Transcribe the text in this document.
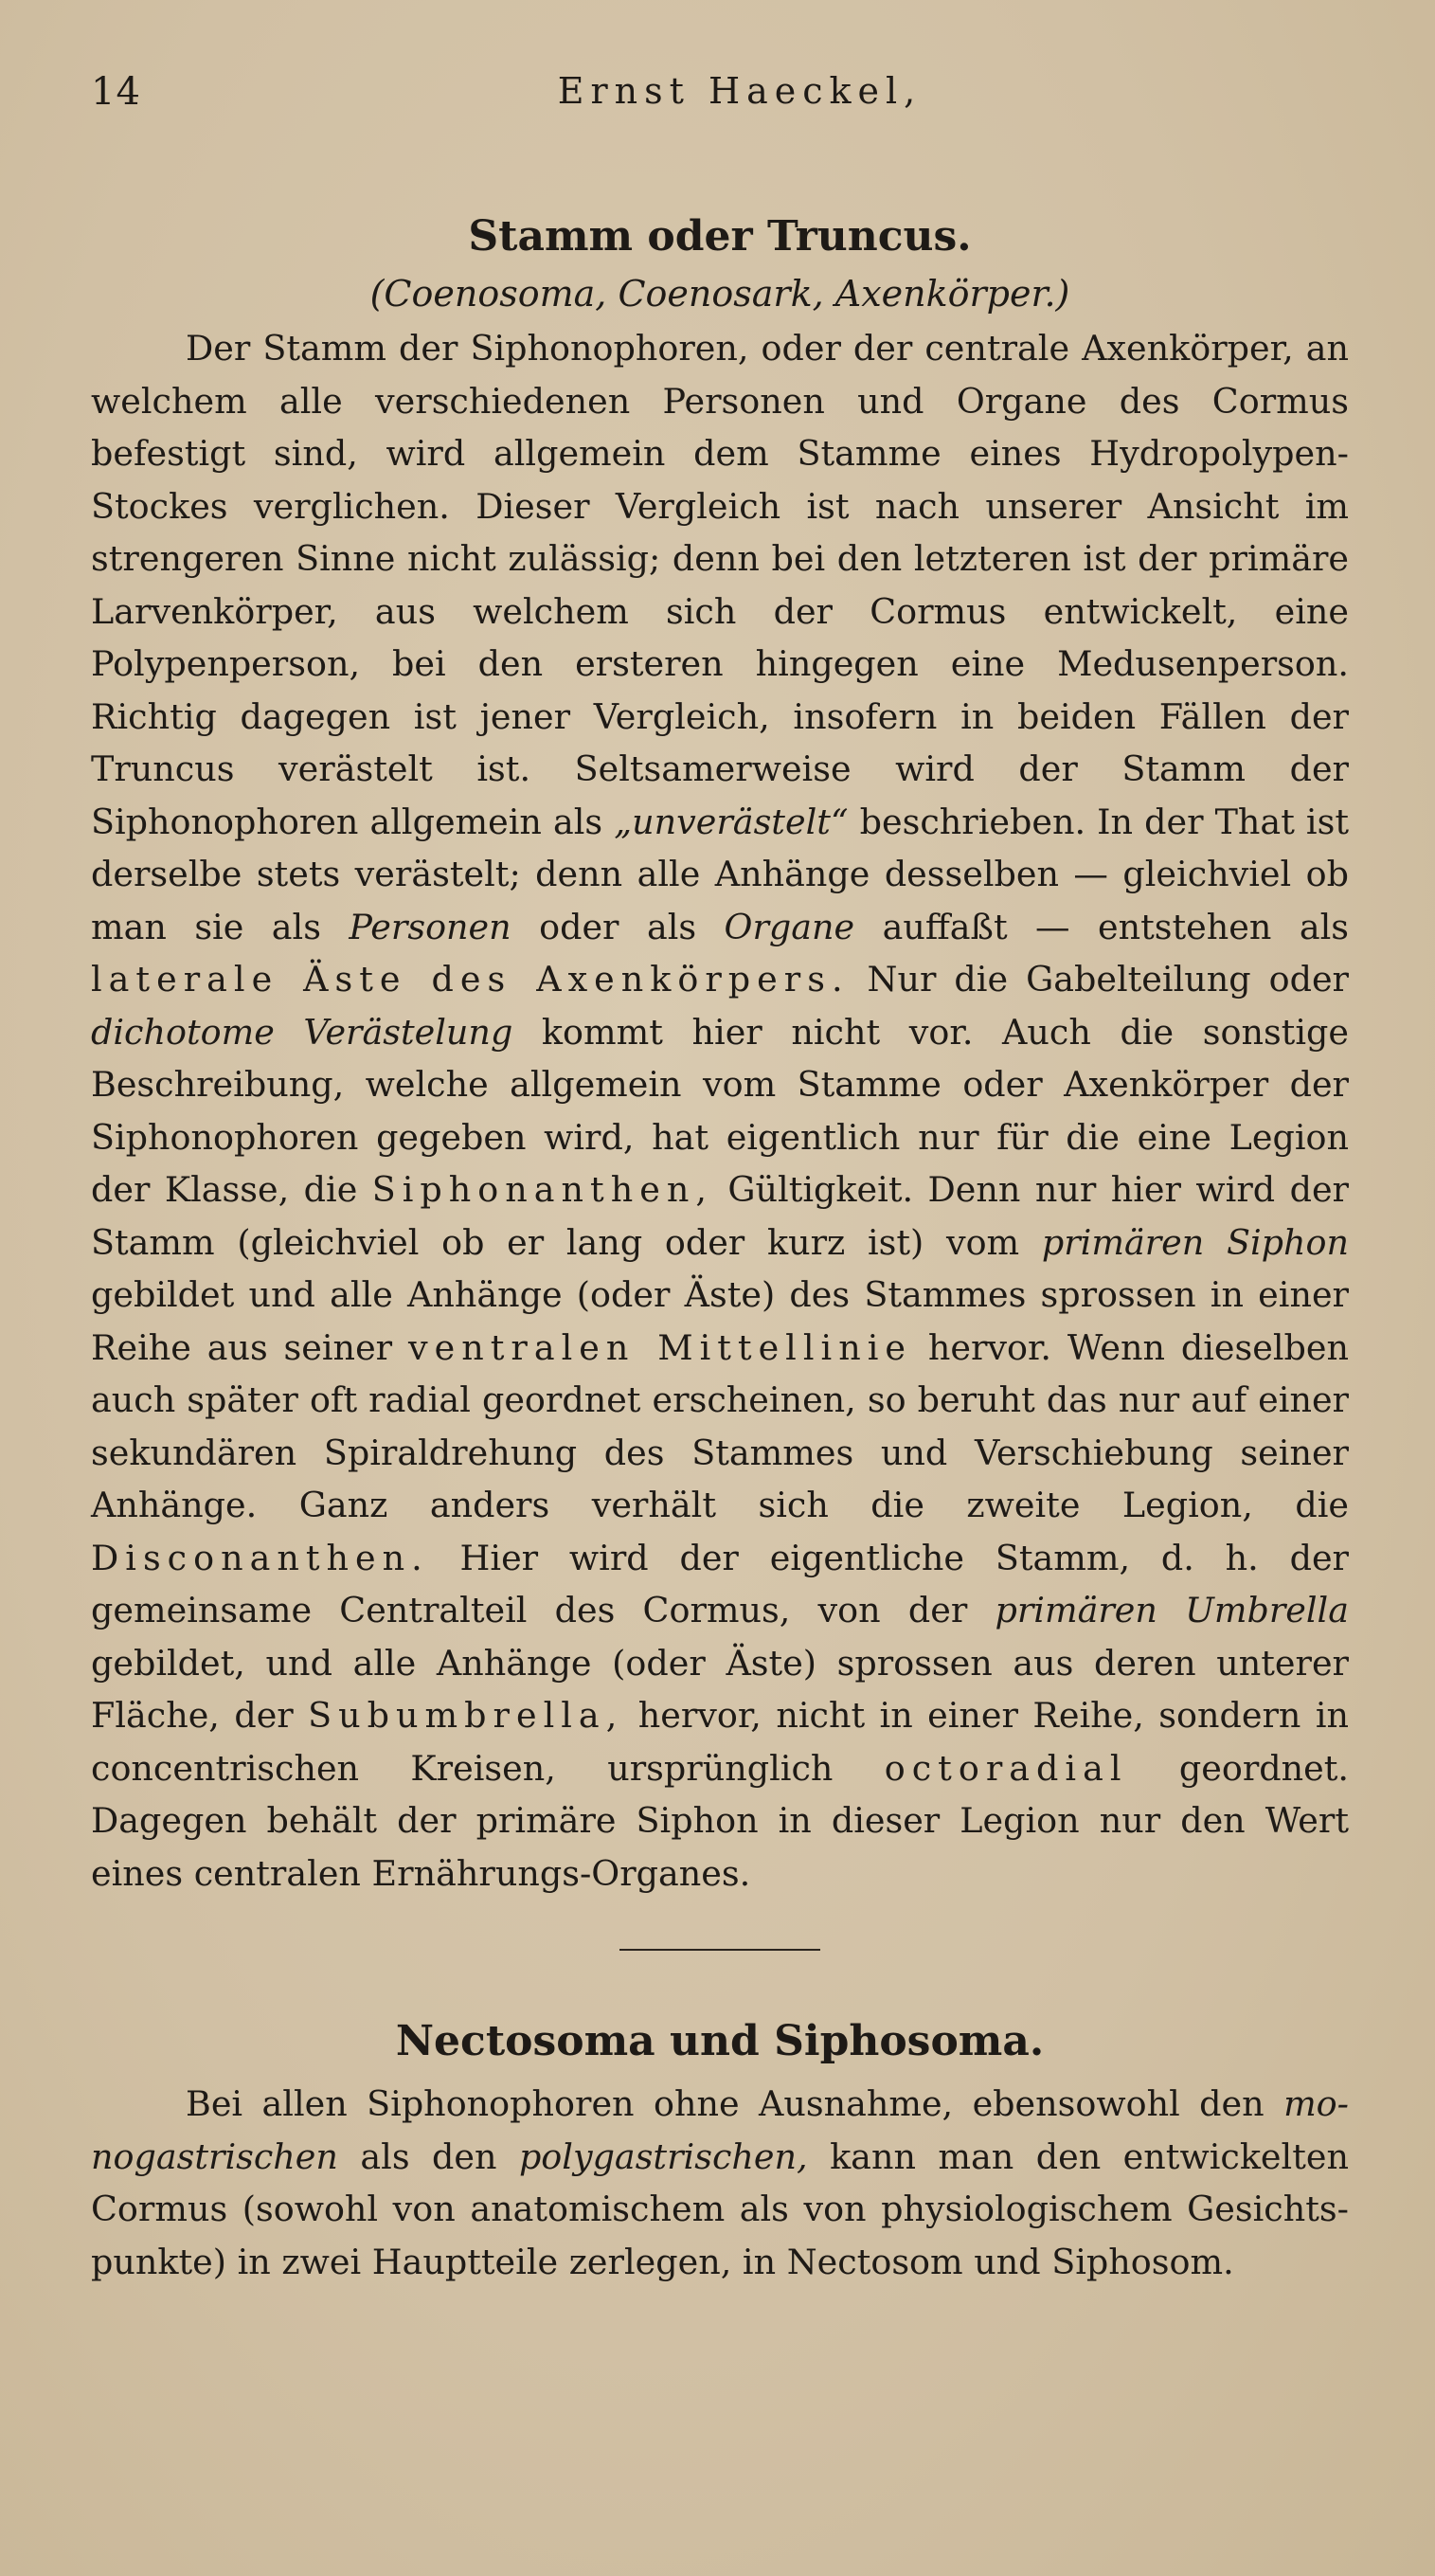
14	Ernst Haeckel,
Stamm oder Truncus.

(Coenosoma, Coenosark, Axenkörper.)

Der Stamm der Siphonophoren, oder der centrale Axenkörper, an welchem alle verschiedenen Personen und Organe des Cormus befestigt sind, wird allgemein dem Stamme eines Hydropolypen-Stockes verglichen. Dieser Vergleich ist nach unserer Ansicht im strengeren Sinne nicht zulässig; denn bei den letzteren ist der primäre Larvenkörper, aus welchem sich der Cormus entwickelt, eine Polypenperson, bei den ersteren hingegen eine Medusenperson. Richtig dagegen ist jener Vergleich, insofern in beiden Fällen der Truncus verästelt ist. Seltsamerweise wird der Stamm der Siphonophoren allgemein als „unverästelt“ beschrieben. In der That ist derselbe stets verästelt; denn alle Anhänge desselben — gleichviel ob man sie als Personen oder als Organe auffaßt — entstehen als laterale Äste des Axenkörpers. Nur die Gabelteilung oder dichotome Verästelung kommt hier nicht vor. Auch die sonstige Beschreibung, welche allgemein vom Stamme oder Axenkörper der Siphonophoren gegeben wird, hat eigentlich nur für die eine Legion der Klasse, die Siphonanthen, Gültigkeit. Denn nur hier wird der Stamm (gleichviel ob er lang oder kurz ist) vom primären Siphon gebildet und alle Anhänge (oder Äste) des Stammes sprossen in einer Reihe aus seiner ventralen Mittellinie hervor. Wenn dieselben auch später oft radial geordnet erscheinen, so beruht das nur auf einer sekundären Spiraldrehung des Stammes und Verschiebung seiner Anhänge. Ganz anders verhält sich die zweite Legion, die Disconanthen. Hier wird der eigentliche Stamm, d. h. der gemeinsame Centralteil des Cormus, von der primären Umbrella gebildet, und alle Anhänge (oder Äste) sprossen aus deren unterer Fläche, der Subumbrella, hervor, nicht in einer Reihe, sondern in concentrischen Kreisen, ursprünglich octoradial geordnet. Dagegen behält der primäre Siphon in dieser Legion nur den Wert eines centralen Ernährungs-Organes.

Nectosoma und Siphosoma.

Bei allen Siphonophoren ohne Ausnahme, ebensowohl den monogastrischen als den polygastrischen, kann man den entwickelten Cormus (sowohl von anatomischem als von physiologischem Gesichtspunkte) in zwei Hauptteile zerlegen, in Nectosom und Siphosom.
